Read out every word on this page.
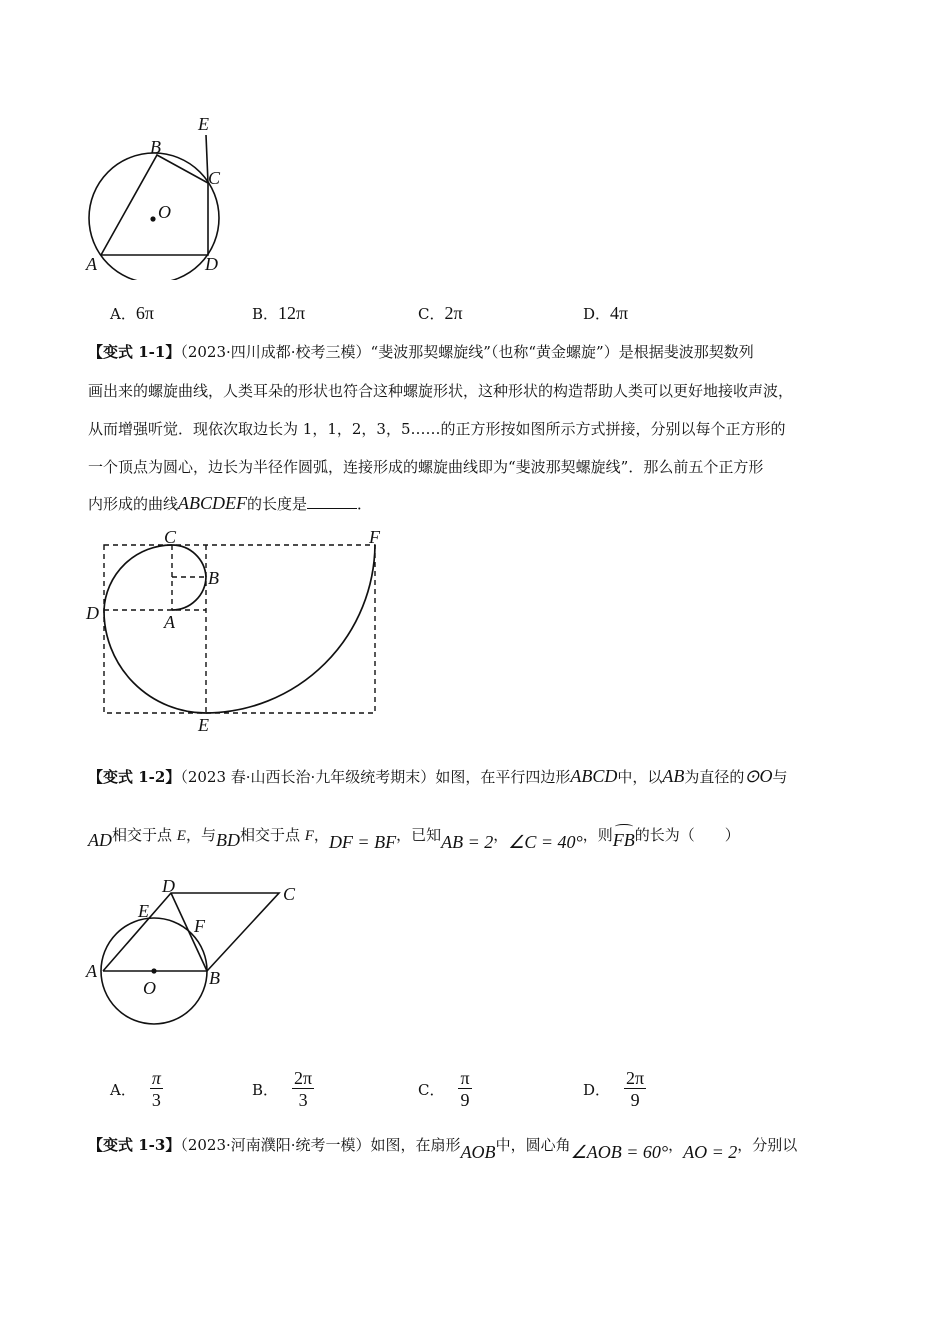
E
B
C
O
A	D
A．6π	B．12π	C．2π	D．4π
【变式 1-1】（2023·四川成都·校考三模）“斐波那契螺旋线”（也称“黄金螺旋”）是根据斐波那契数列
画出来的螺旋曲线，人类耳朵的形状也符合这种螺旋形状，这种形状的构造帮助人类可以更好地接收声波，
从而增强听觉．现依次取边长为 1，1，2，3，5……的正方形按如图所示方式拼接，分别以每个正方形的
一个顶点为圆心，边长为半径作圆弧，连接形成的螺旋曲线即为“斐波那契螺旋线”．那么前五个正方形
内形成的曲线ABCDEF的长度是	．
C	F
B
D	A
E
【变式 1-2】（2023 春·山西长治·九年级统考期末）如图，在平行四边形ABCD中，以AB为直径的⊙O与
AD相交于点 E，与BD相交于点 F，DF = BF，已知AB = 2，∠C = 40°，则FB的长为（　　）
D	C
E
F
A	B
O
A． $\frac{\pi}{3}$	B． $\frac{2\pi}{3}$	C． $\frac{\pi}{9}$	D． $\frac{2\pi}{9}$
【变式 1-3】（2023·河南濮阳·统考一模）如图，在扇形AOB中，圆心角∠AOB = 60°，AO = 2，分别以
